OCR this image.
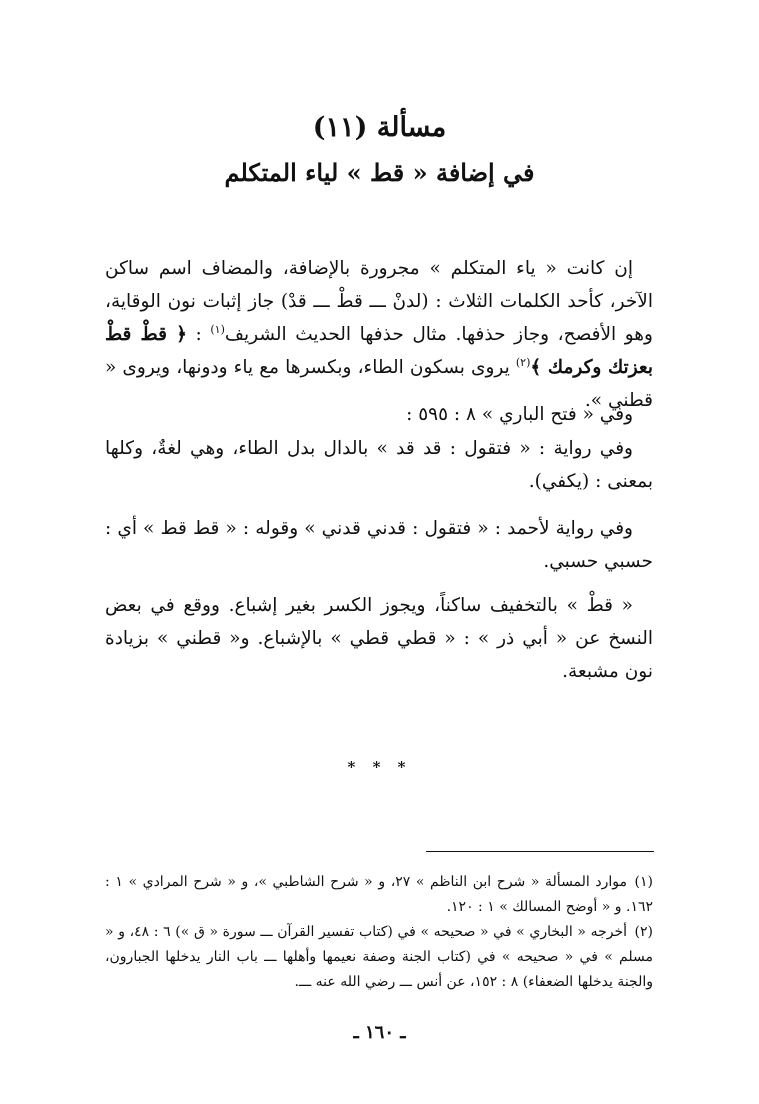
مسألة (١١)
في إضافة « قط » لياء المتكلم

إن كانت « ياء المتكلم » مجرورة بالإضافة، والمضاف اسم ساكن الآخر، كأحد الكلمات الثلاث : (لدنْ ـــ قطْ ـــ قدْ) جاز إثبات نون الوقاية، وهو الأفصح، وجاز حذفها. مثال حذفها الحديث الشريف$^{(١)}$ : ﴿ قطْ قطْ بعزتك وكرمك ﴾$^{(٢)}$ يروى بسكون الطاء، وبكسرها مع ياء ودونها، ويروى « قطني ».

وفي « فتح الباري » ٨ : ٥٩٥ :

وفي رواية : « فتقول : قد قد » بالدال بدل الطاء، وهي لغةٌ، وكلها بمعنى : (يكفي).

وفي رواية لأحمد : « فتقول : قدني قدني » وقوله : « قط قط » أي : حسبي حسبي.

« قطْ » بالتخفيف ساكناً، ويجوز الكسر بغير إشباع. ووقع في بعض النسخ عن « أبي ذر » : « قطي قطي » بالإشباع. و« قطني » بزيادة نون مشبعة.

* * *

(١)موارد المسألة « شرح ابن الناظم » ٢٧، و « شرح الشاطبي »، و « شرح المرادي » ١ : ١٦٢. و « أوضح المسالك » ١ : ١٢٠.

(٢)أخرجه « البخاري » في « صحيحه » في (كتاب تفسير القرآن ـــ سورة « ق ») ٦ : ٤٨، و « مسلم » في « صحيحه » في (كتاب الجنة وصفة نعيمها وأهلها ـــ باب النار يدخلها الجبارون، والجنة يدخلها الضعفاء) ٨ : ١٥٢، عن أنس ـــ رضي الله عنه ـــ.

ـ ١٦٠ ـ
